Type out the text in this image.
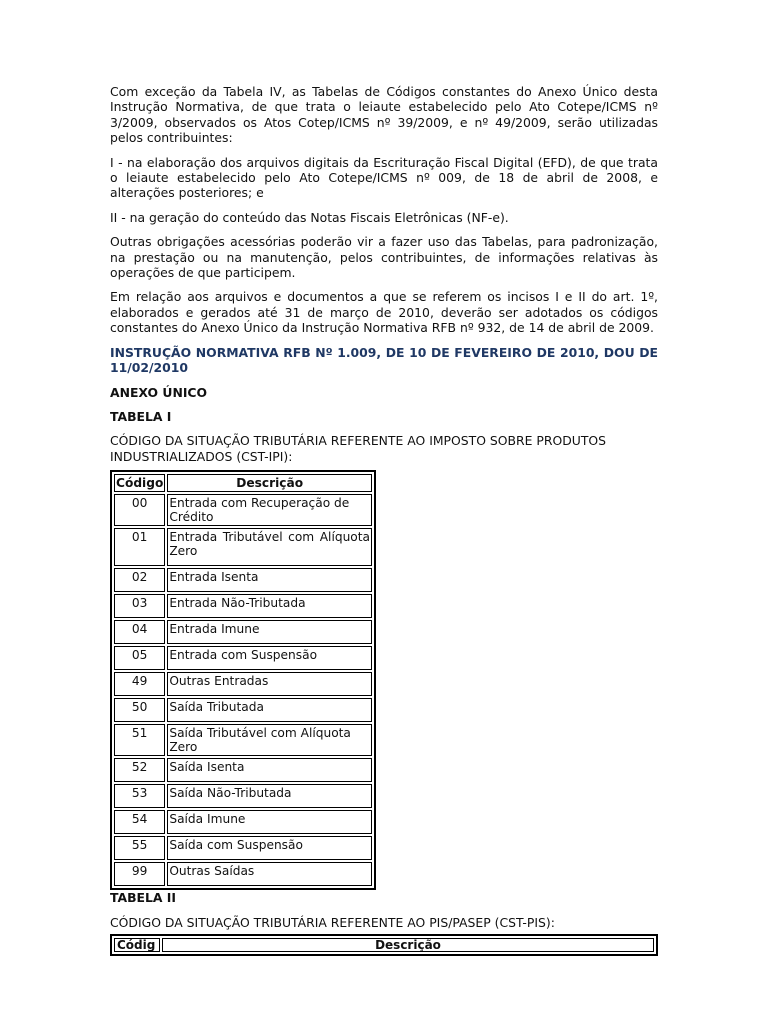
Com exceção da Tabela IV, as Tabelas de Códigos constantes do Anexo Único desta Instrução Normativa, de que trata o leiaute estabelecido pelo Ato Cotepe/ICMS nº 3/2009, observados os Atos Cotep/ICMS nº 39/2009, e nº 49/2009, serão utilizadas pelos contribuintes:

I - na elaboração dos arquivos digitais da Escrituração Fiscal Digital (EFD), de que trata o leiaute estabelecido pelo Ato Cotepe/ICMS nº 009, de 18 de abril de 2008, e alterações posteriores; e

II - na geração do conteúdo das Notas Fiscais Eletrônicas (NF-e).

Outras obrigações acessórias poderão vir a fazer uso das Tabelas, para padronização, na prestação ou na manutenção, pelos contribuintes, de informações relativas às operações de que participem.

Em relação aos arquivos e documentos a que se referem os incisos I e II do art. 1º, elaborados e gerados até 31 de março de 2010, deverão ser adotados os códigos constantes do Anexo Único da Instrução Normativa RFB nº 932, de 14 de abril de 2009.

INSTRUÇÃO NORMATIVA RFB Nº 1.009, DE 10 DE FEVEREIRO DE 2010, DOU DE 11/02/2010

ANEXO ÚNICO

TABELA I

CÓDIGO DA SITUAÇÃO TRIBUTÁRIA REFERENTE AO IMPOSTO SOBRE PRODUTOS INDUSTRIALIZADOS (CST-IPI):

Código	Descrição
00	Entrada com Recuperação de Crédito
01	Entrada Tributável com Alíquota Zero
02	Entrada Isenta
03	Entrada Não-Tributada
04	Entrada Imune
05	Entrada com Suspensão
49	Outras Entradas
50	Saída Tributada
51	Saída Tributável com Alíquota Zero
52	Saída Isenta
53	Saída Não-Tributada
54	Saída Imune
55	Saída com Suspensão
99	Outras Saídas

TABELA II

CÓDIGO DA SITUAÇÃO TRIBUTÁRIA REFERENTE AO PIS/PASEP (CST-PIS):

Códig	Descrição
